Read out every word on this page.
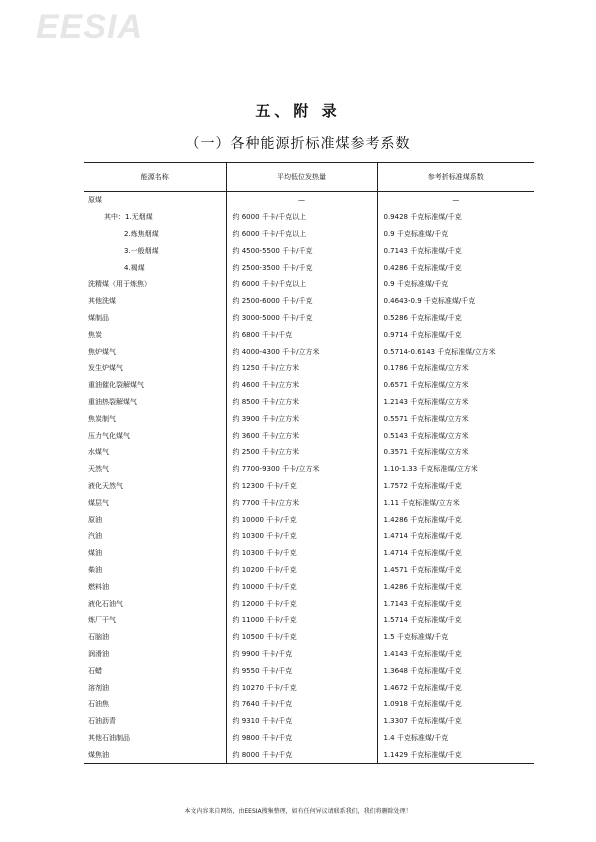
EESIA
五、附 录
（一）各种能源折标准煤参考系数
能源名称	平均低位发热量	参考折标准煤系数
原煤	—	—
其中：1.无烟煤	约 6000 千卡/千克以上	0.9428 千克标准煤/千克
2.炼焦烟煤	约 6000 千卡/千克以上	0.9 千克标准煤/千克
3.一般烟煤	约 4500-5500 千卡/千克	0.7143 千克标准煤/千克
4.褐煤	约 2500-3500 千卡/千克	0.4286 千克标准煤/千克
洗精煤（用于炼焦）	约 6000 千卡/千克以上	0.9 千克标准煤/千克
其他洗煤	约 2500-6000 千卡/千克	0.4643-0.9 千克标准煤/千克
煤制品	约 3000-5000 千卡/千克	0.5286 千克标准煤/千克
焦炭	约 6800 千卡/千克	0.9714 千克标准煤/千克
焦炉煤气	约 4000-4300 千卡/立方米	0.5714-0.6143 千克标准煤/立方米
发生炉煤气	约 1250 千卡/立方米	0.1786 千克标准煤/立方米
重油催化裂解煤气	约 4600 千卡/立方米	0.6571 千克标准煤/立方米
重油热裂解煤气	约 8500 千卡/立方米	1.2143 千克标准煤/立方米
焦炭制气	约 3900 千卡/立方米	0.5571 千克标准煤/立方米
压力气化煤气	约 3600 千卡/立方米	0.5143 千克标准煤/立方米
水煤气	约 2500 千卡/立方米	0.3571 千克标准煤/立方米
天然气	约 7700-9300 千卡/立方米	1.10-1.33 千克标准煤/立方米
液化天然气	约 12300 千卡/千克	1.7572 千克标准煤/千克
煤层气	约 7700 千卡/立方米	1.11 千克标准煤/立方米
原油	约 10000 千卡/千克	1.4286 千克标准煤/千克
汽油	约 10300 千卡/千克	1.4714 千克标准煤/千克
煤油	约 10300 千卡/千克	1.4714 千克标准煤/千克
柴油	约 10200 千卡/千克	1.4571 千克标准煤/千克
燃料油	约 10000 千卡/千克	1.4286 千克标准煤/千克
液化石油气	约 12000 千卡/千克	1.7143 千克标准煤/千克
炼厂干气	约 11000 千卡/千克	1.5714 千克标准煤/千克
石脑油	约 10500 千卡/千克	1.5 千克标准煤/千克
润滑油	约 9900 千卡/千克	1.4143 千克标准煤/千克
石蜡	约 9550 千卡/千克	1.3648 千克标准煤/千克
溶剂油	约 10270 千卡/千克	1.4672 千克标准煤/千克
石油焦	约 7640 千卡/千克	1.0918 千克标准煤/千克
石油沥青	约 9310 千卡/千克	1.3307 千克标准煤/千克
其他石油制品	约 9800 千卡/千克	1.4 千克标准煤/千克
煤焦油	约 8000 千卡/千克	1.1429 千克标准煤/千克
本文内容来自网络，由EESIA搜集整理，如有任何异议请联系我们，我们将删除处理！
